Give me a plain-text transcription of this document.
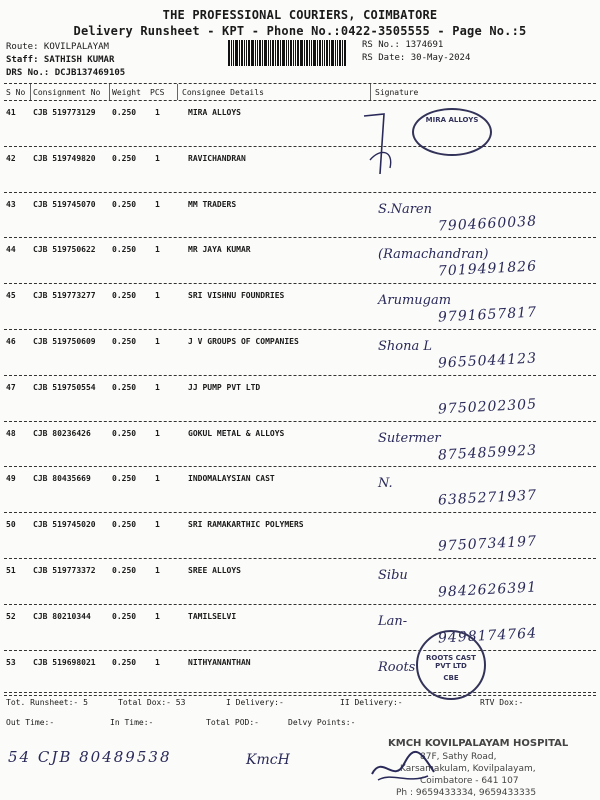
THE PROFESSIONAL COURIERS, COIMBATORE
Delivery Runsheet - KPT - Phone No.:0422-3505555 - Page No.:5
Route: KOVILPALAYAM
Staff: SATHISH KUMAR
DRS No.: DCJB137469105
RS No.: 1374691
RS Date: 30-May-2024
S No Consignment No Weight PCS Consignee Details	Signature
41 CJB 519773129 0.250 1	MIRA ALLOYS
42 CJB 519749820 0.250 1	RAVICHANDRAN
43 CJB 519745070 0.250 1	MM TRADERS	S.Naren
7904660038
44 CJB 519750622 0.250 1	MR JAYA KUMAR	(Ramachandran)
7019491826
45 CJB 519773277 0.250 1	SRI VISHNU FOUNDRIES	Arumugam
9791657817
46 CJB 519750609 0.250 1	J V GROUPS OF COMPANIES	Shona L
9655044123
47 CJB 519750554 0.250 1	JJ PUMP PVT LTD
9750202305
48 CJB 80236426	0.250 1	GOKUL METAL & ALLOYS	Sutermer
8754859923
49 CJB 80435669	0.250 1	INDOMALAYSIAN CAST	N.
6385271937
50 CJB 519745020 0.250 1	SRI RAMAKARTHIC POLYMERS
9750734197
51 CJB 519773372 0.250 1	SREE ALLOYS	Sibu
9842626391
52 CJB 80210344	0.250 1	TAMILSELVI	Lan-
9498174764
53 CJB 519698021 0.250 1	NITHYANANTHAN	Roots
Tot. Runsheet:- 5	Total Dox:- 53	I Delivery:-	II Delivery:-	RTV Dox:-
Out Time:-	In Time:-	Total POD:-	Delvy Points:-
54 CJB 80489538	KmcH
KMCH KOVILPALAYAM HOSPITAL
87F, Sathy Road,
Karsamakulam, Kovilpalayam,
Coimbatore - 641 107
Ph : 9659433334, 9659433335
MIRA ALLOYS
ROOTS CAST PVT LTD
CBE
